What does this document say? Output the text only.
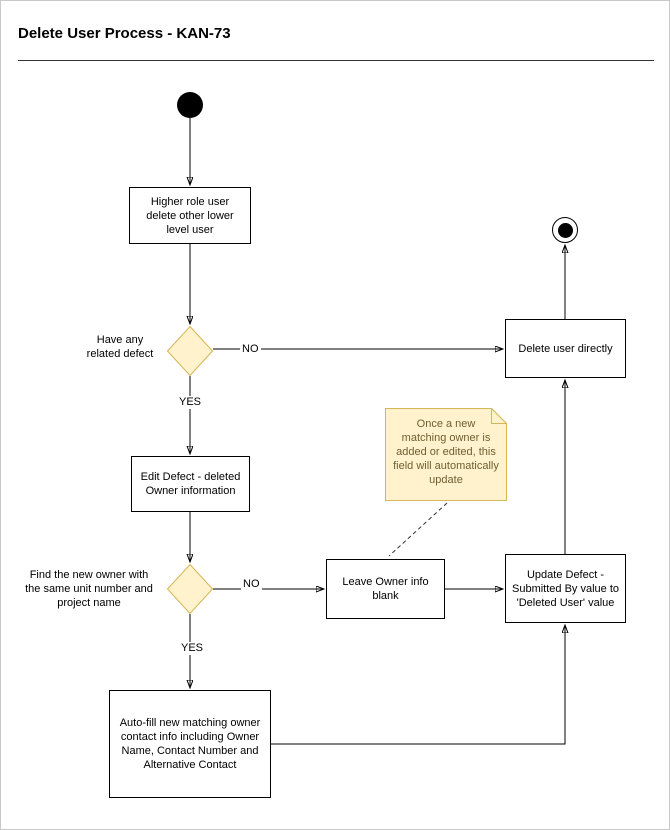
Delete User Process - KAN-73
Higher role user delete other lower level user
Delete user directly
Edit Defect - deleted Owner information
Leave Owner info blank
Update Defect - Submitted By value to 'Deleted User' value
Auto-fill new matching owner contact info including Owner Name, Contact Number and Alternative Contact
Have any related defect
Find the new owner with the same unit number and project name
NO
YES
NO
YES
Once a new matching owner is added or edited, this field will automatically update
